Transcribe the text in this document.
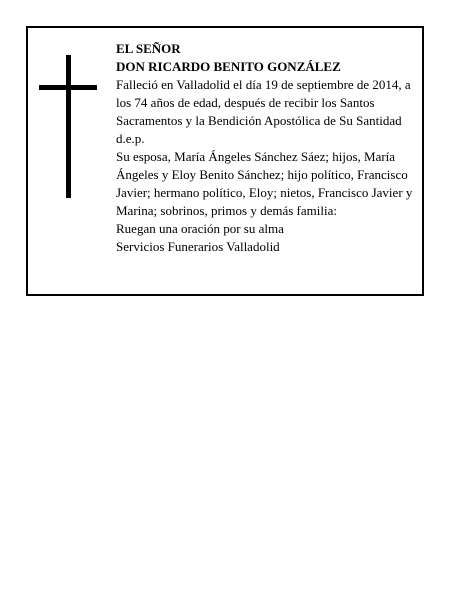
EL SEÑOR

DON RICARDO BENITO GONZÁLEZ

Falleció en Valladolid el día 19 de septiembre de 2014, a los 74 años de edad, después de recibir los Santos Sacramentos y la Bendición Apostólica de Su Santidad

d.e.p.

Su esposa, María Ángeles Sánchez Sáez; hijos, María Ángeles y Eloy Benito Sánchez; hijo político, Francisco Javier; hermano político, Eloy; nietos, Francisco Javier y Marina; sobrinos, primos y demás familia:

Ruegan una oración por su alma

Servicios Funerarios Valladolid
